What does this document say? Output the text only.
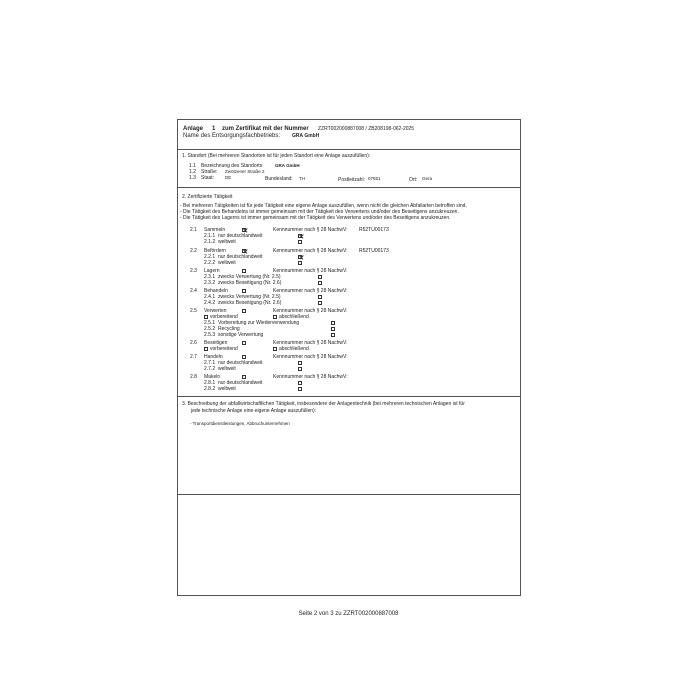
Anlage 1 zum Zertifikat mit der Nummer ZZRT002000887008 / ZB208198-062-2025
Name des Entsorgungsfachbetriebs: GRA GmbH
1. Standort (Bei mehreren Standorten ist für jeden Standort eine Anlage auszufüllen):
1.1 Bezeichnung des Standorts:	GRA GmbH
1.2 Straße: Zwötzener Straße 2
1.3 Staat: DE	Bundesland: TH	Postleitzahl: 07551	Ort: Gera
2. Zertifizierte Tätigkeit
- Bei mehreren Tätigkeiten ist für jede Tätigkeit eine eigene Anlage auszufüllen, wenn nicht die gleichen Abfallarten betroffen sind.
- Die Tätigkeit des Behandelns ist immer gemeinsam mit der Tätigkeit des Verwertens und/oder des Beseitigens anzukreuzen.
- Die Tätigkeit des Lagerns ist immer gemeinsam mit der Tätigkeit des Verwertens und/oder des Beseitigens anzukreuzen.
2.1 Sammeln	Kennnummer nach § 28 NachwV: R52TU00173
2.1.1 nur deutschlandweit
2.1.2 weltweit
2.2 Befördern	Kennnummer nach § 28 NachwV: R52TU00173
2.2.1 nur deutschlandweit
2.2.2 weltweit
2.3 Lagern	Kennnummer nach § 28 NachwV:
2.3.1 zwecks Verwertung (Nr. 2.5)
2.3.2 zwecks Beseitigung (Nr. 2.6)
2.4 Behandeln	Kennnummer nach § 28 NachwV:
2.4.1 zwecks Verwertung (Nr. 2.5)
2.4.2 zwecks Beseitigung (Nr. 2.6)
2.5 Verwerten	Kennnummer nach § 28 NachwV:
vorbereitend	abschließend
2.5.1 Vorbereitung zur Wiederverwendung
2.5.2 Recycling
2.5.3 sonstige Verwertung
2.6 Beseitigen	Kennnummer nach § 28 NachwV:
vorbereitend	abschließend
2.7 Handeln	Kennnummer nach § 28 NachwV:
2.7.1 nur deutschlandweit
2.7.2 weltweit
2.8 Makeln	Kennnummer nach § 28 NachwV:
2.8.1 nur deutschlandweit
2.8.2 weltweit
3. Beschreibung der abfallwirtschaftlichen Tätigkeit, insbesondere der Anlagentechnik (bei mehreren technischen Anlagen ist für
jede technische Anlage eine eigene Anlage auszufüllen):
- Transportdienstleistungen, Abbruchunternehmen
Seite 2 von 3 zu ZZRT002000887008
